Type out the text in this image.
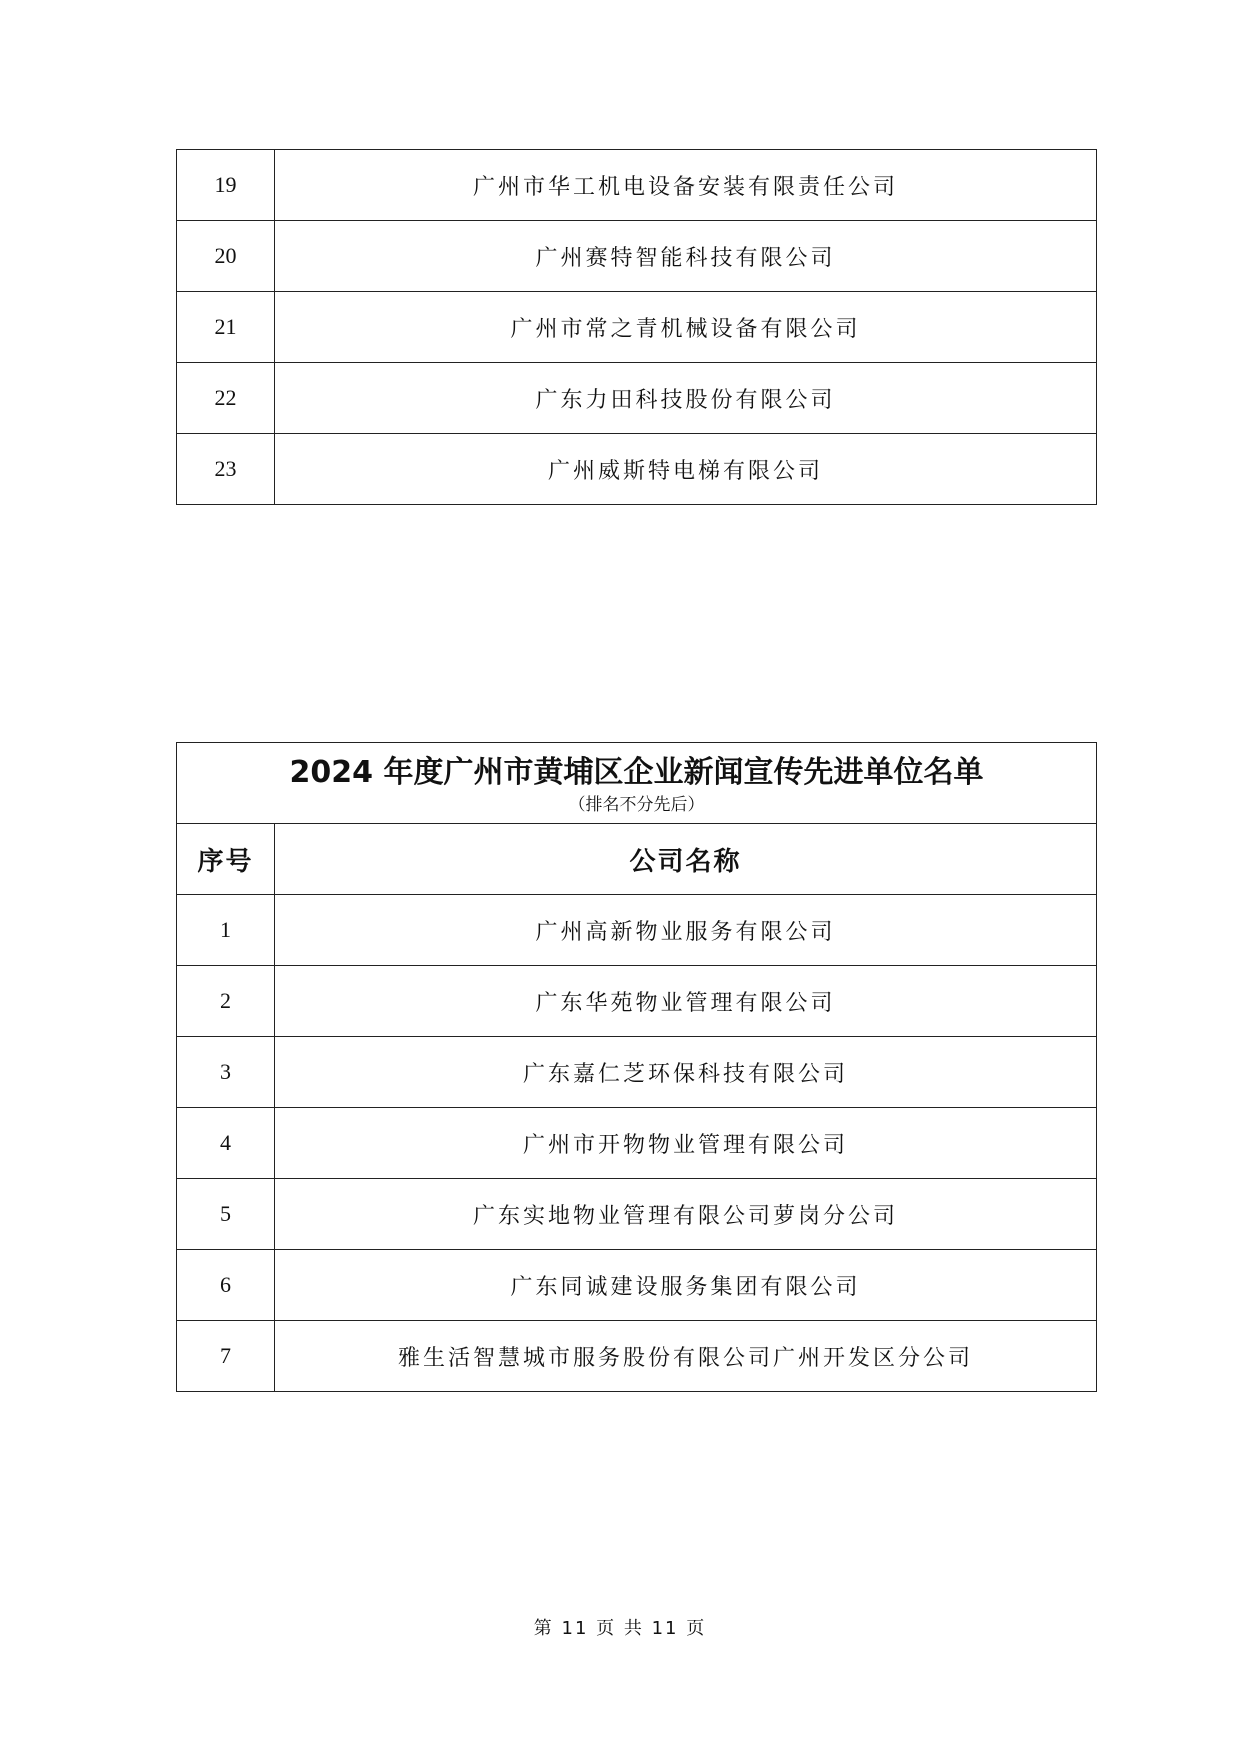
19	广州市华工机电设备安装有限责任公司
20	广州赛特智能科技有限公司
21	广州市常之青机械设备有限公司
22	广东力田科技股份有限公司
23	广州威斯特电梯有限公司
2024 年度广州市黄埔区企业新闻宣传先进单位名单
（排名不分先后）	

序号	公司名称
1	广州高新物业服务有限公司
2	广东华苑物业管理有限公司
3	广东嘉仁芝环保科技有限公司
4	广州市开物物业管理有限公司
5	广东实地物业管理有限公司萝岗分公司
6	广东同诚建设服务集团有限公司
7	雅生活智慧城市服务股份有限公司广州开发区分公司
第 11 页 共 11 页
